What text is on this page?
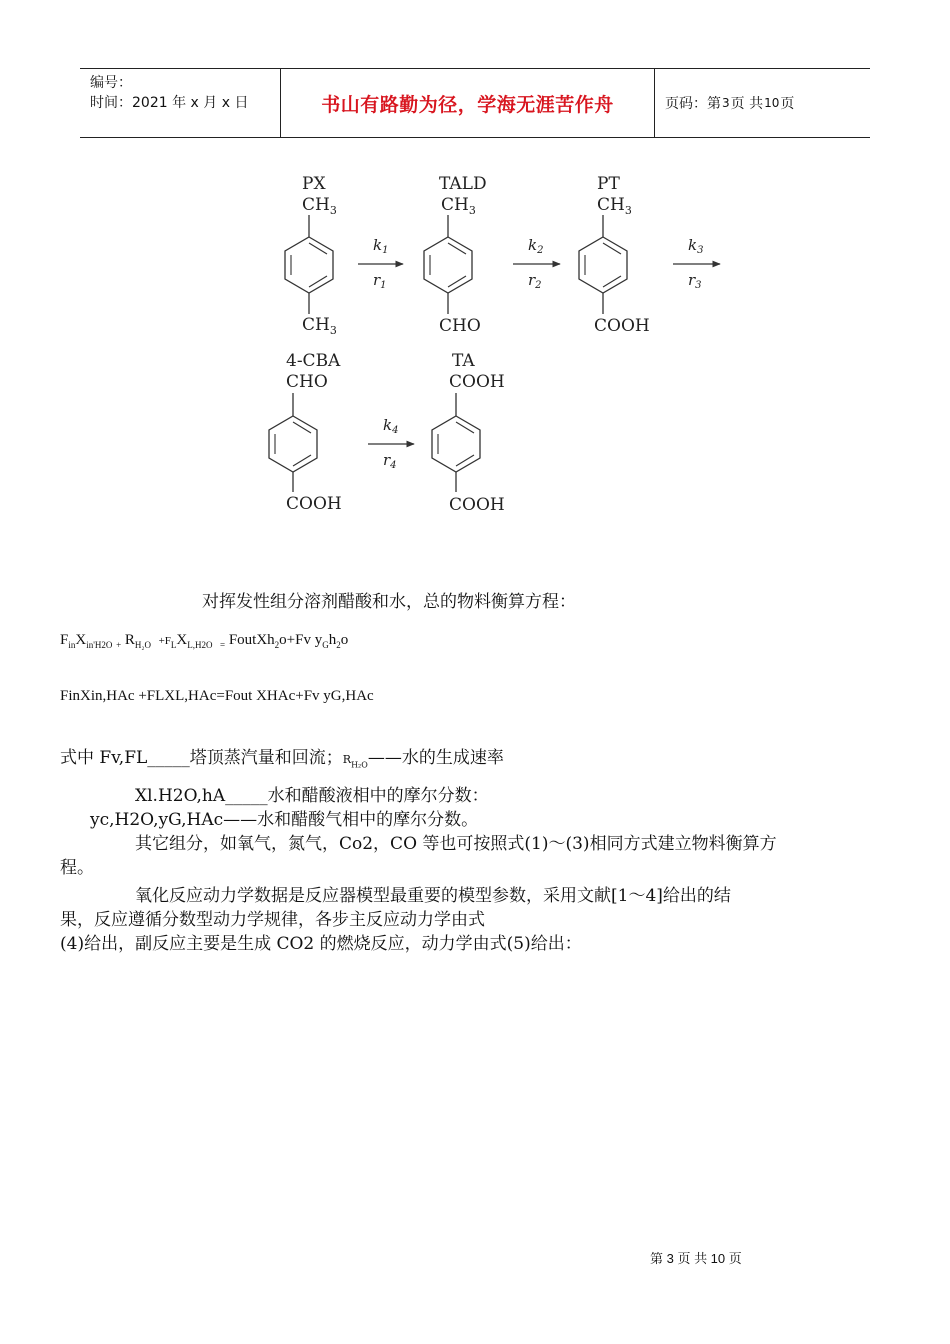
编号：
时间：2021 年 x 月 x 日	书山有路勤为径，学海无涯苦作舟	页码：第 3 页 共 10 页
PX
$CH_3$
$CH_3$
$k_1$
$r_1$
TALD
$CH_3$
CHO
$k_2$
$r_2$
PT
$CH_3$
COOH
$k_3$
$r_3$
4-CBA
CHO
COOH
$k_4$
$r_4$
TA
COOH
COOH
对挥发性组分溶剂醋酸和水，总的物料衡算方程：
$F_{in}X_{in'H2O}$ $_+$ $R_{H_2O} +F_LX_{L,H2O}$ $_=$ FoutXh$_2$o+Fv $y_Gh_2o$
FinXin,HAc +FLXL,HAc=Fout XHAc+Fv yG,HAc
式中 Fv,FL_____塔顶蒸汽量和回流；$R_{H_2O}——$水的生成速率
Xl.H2O,hA_____水和醋酸液相中的摩尔分数：
yc,H2O,yG,HAc——水和醋酸气相中的摩尔分数。
其它组分，如氧气，氮气，Co2，CO 等也可按照式(1)～(3)相同方式建立物料衡算方
程。
氧化反应动力学数据是反应器模型最重要的模型参数，采用文献[1～4]给出的结
果，反应遵循分数型动力学规律，各步主反应动力学由式
(4)给出，副反应主要是生成 CO2 的燃烧反应，动力学由式(5)给出：
第 3 页 共 10 页
